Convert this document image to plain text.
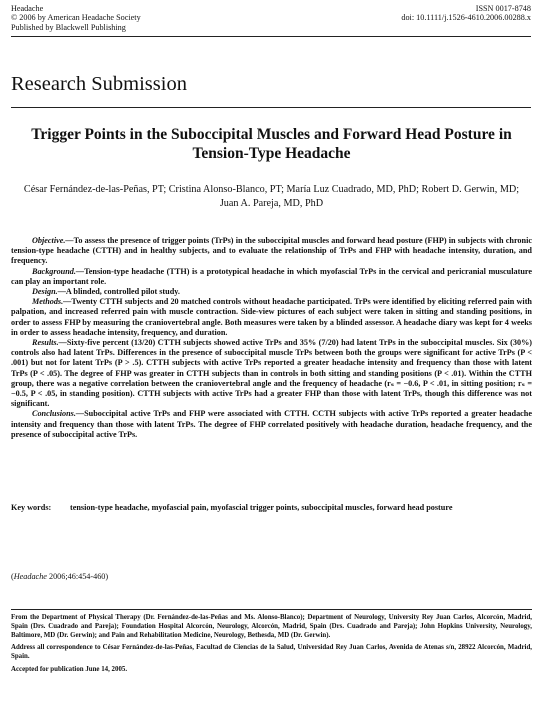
Headache
© 2006 by American Headache Society
Published by Blackwell Publishing
ISSN 0017-8748
doi: 10.1111/j.1526-4610.2006.00288.x
Research Submission
Trigger Points in the Suboccipital Muscles and Forward Head Posture in Tension-Type Headache
César Fernández-de-las-Peñas, PT; Cristina Alonso-Blanco, PT; María Luz Cuadrado, MD, PhD; Robert D. Gerwin, MD; Juan A. Pareja, MD, PhD

Objective.—To assess the presence of trigger points (TrPs) in the suboccipital muscles and forward head posture (FHP) in subjects with chronic tension-type headache (CTTH) and in healthy subjects, and to evaluate the relationship of TrPs and FHP with headache intensity, duration, and frequency.

Background.—Tension-type headache (TTH) is a prototypical headache in which myofascial TrPs in the cervical and pericranial musculature can play an important role.

Design.—A blinded, controlled pilot study.

Methods.—Twenty CTTH subjects and 20 matched controls without headache participated. TrPs were identified by eliciting referred pain with palpation, and increased referred pain with muscle contraction. Side-view pictures of each subject were taken in sitting and standing positions, in order to assess FHP by measuring the craniovertebral angle. Both measures were taken by a blinded assessor. A headache diary was kept for 4 weeks in order to assess headache intensity, frequency, and duration.

Results.—Sixty-five percent (13/20) CTTH subjects showed active TrPs and 35% (7/20) had latent TrPs in the suboccipital muscles. Six (30%) controls also had latent TrPs. Differences in the presence of suboccipital muscle TrPs between both the groups were significant for active TrPs (P < .001) but not for latent TrPs (P > .5). CTTH subjects with active TrPs reported a greater headache intensity and frequency than those with latent TrPs (P < .05). The degree of FHP was greater in CTTH subjects than in controls in both sitting and standing positions (P < .01). Within the CTTH group, there was a negative correlation between the craniovertebral angle and the frequency of headache (rₛ = −0.6, P < .01, in sitting position; rₛ = −0.5, P < .05, in standing position). CTTH subjects with active TrPs had a greater FHP than those with latent TrPs, though this difference was not significant.

Conclusions.—Suboccipital active TrPs and FHP were associated with CTTH. CCTH subjects with active TrPs reported a greater headache intensity and frequency than those with latent TrPs. The degree of FHP correlated positively with headache duration, headache frequency, and the presence of suboccipital active TrPs.

Key words: tension-type headache, myofascial pain, myofascial trigger points, suboccipital muscles, forward head posture
(Headache 2006;46:454-460)

From the Department of Physical Therapy (Dr. Fernández-de-las-Peñas and Ms. Alonso-Blanco); Department of Neurology, University Rey Juan Carlos, Alcorcón, Madrid, Spain (Drs. Cuadrado and Pareja); Foundation Hospital Alcorcón, Neurology, Alcorcón, Madrid, Spain (Drs. Cuadrado and Pareja); John Hopkins University, Neurology, Baltimore, MD (Dr. Gerwin); and Pain and Rehabilitation Medicine, Neurology, Bethesda, MD (Dr. Gerwin).

Address all correspondence to César Fernández-de-las-Peñas, Facultad de Ciencias de la Salud, Universidad Rey Juan Carlos, Avenida de Atenas s/n, 28922 Alcorcón, Madrid, Spain.

Accepted for publication June 14, 2005.
